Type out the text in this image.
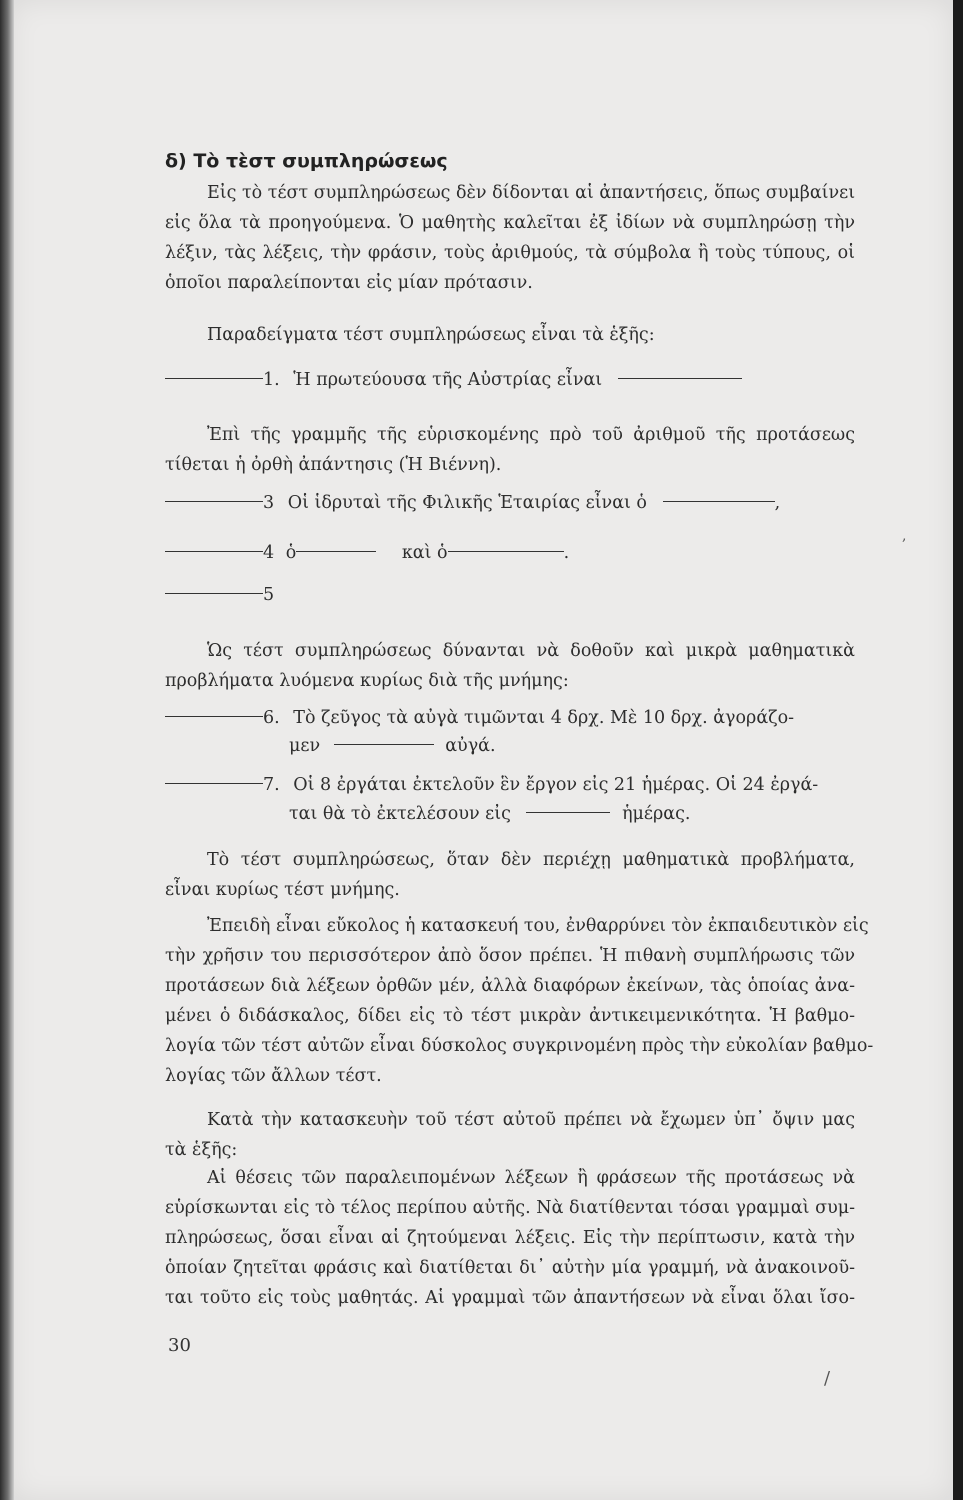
δ) Τὸ τὲστ συμπληρώσεως
Εἰς τὸ τέστ συμπληρώσεως δὲν δίδονται αἱ ἀπαντήσεις, ὅπως συμβαίνει
εἰς ὅλα τὰ προηγούμενα. Ὁ μαθητὴς καλεῖται ἐξ ἰδίων νὰ συμπληρώσῃ τὴν
λέξιν, τὰς λέξεις, τὴν φράσιν, τοὺς ἀριθμούς, τὰ σύμβολα ἢ τοὺς τύπους, οἱ
ὁποῖοι παραλείπονται εἰς μίαν πρότασιν.
Παραδείγματα τέστ συμπληρώσεως εἶναι τὰ ἑξῆς:
1. Ἡ πρωτεύουσα τῆς Αὐστρίας εἶναι
Ἐπὶ τῆς γραμμῆς τῆς εὑρισκομένης πρὸ τοῦ ἀριθμοῦ τῆς προτάσεως
τίθεται ἡ ὀρθὴ ἀπάντησις (Ἡ Βιέννη).
3 Οἱ ἱδρυταὶ τῆς Φιλικῆς Ἑταιρίας εἶναι ὁ	,
4 ὁ	καὶ ὁ	.
5
Ὡς τέστ συμπληρώσεως δύνανται νὰ δοθοῦν καὶ μικρὰ μαθηματικὰ
προβλήματα λυόμενα κυρίως διὰ τῆς μνήμης:
6. Τὸ ζεῦγος τὰ αὐγὰ τιμῶνται 4 δρχ. Μὲ 10 δρχ. ἀγοράζο-
μεν	αὐγά.
7. Οἱ 8 ἐργάται ἐκτελοῦν ἓν ἔργον εἰς 21 ἡμέρας. Οἱ 24 ἐργά-
ται θὰ τὸ ἐκτελέσουν εἰς	ἡμέρας.
Τὸ τέστ συμπληρώσεως, ὅταν δὲν περιέχῃ μαθηματικὰ προβλήματα,
εἶναι κυρίως τέστ μνήμης.
Ἐπειδὴ εἶναι εὔκολος ἡ κατασκευή του, ἐνθαρρύνει τὸν ἐκπαιδευτικὸν εἰς
τὴν χρῆσιν του περισσότερον ἀπὸ ὅσον πρέπει. Ἡ πιθανὴ συμπλήρωσις τῶν
προτάσεων διὰ λέξεων ὀρθῶν μέν, ἀλλὰ διαφόρων ἐκείνων, τὰς ὁποίας ἀνα-
μένει ὁ διδάσκαλος, δίδει εἰς τὸ τέστ μικρὰν ἀντικειμενικότητα. Ἡ βαθμο-
λογία τῶν τέστ αὐτῶν εἶναι δύσκολος συγκρινομένη πρὸς τὴν εὐκολίαν βαθμο-
λογίας τῶν ἄλλων τέστ.
Κατὰ τὴν κατασκευὴν τοῦ τέστ αὐτοῦ πρέπει νὰ ἔχωμεν ὑπ᾽ ὄψιν μας
τὰ ἑξῆς:
Αἱ θέσεις τῶν παραλειπομένων λέξεων ἢ φράσεων τῆς προτάσεως νὰ
εὑρίσκωνται εἰς τὸ τέλος περίπου αὐτῆς. Νὰ διατίθενται τόσαι γραμμαὶ συμ-
πληρώσεως, ὅσαι εἶναι αἱ ζητούμεναι λέξεις. Εἰς τὴν περίπτωσιν, κατὰ τὴν
ὁποίαν ζητεῖται φράσις καὶ διατίθεται δι᾽ αὐτὴν μία γραμμή, νὰ ἀνακοινοῦ-
ται τοῦτο εἰς τοὺς μαθητάς. Αἱ γραμμαὶ τῶν ἀπαντήσεων νὰ εἶναι ὅλαι ἴσο-
30
,
/
